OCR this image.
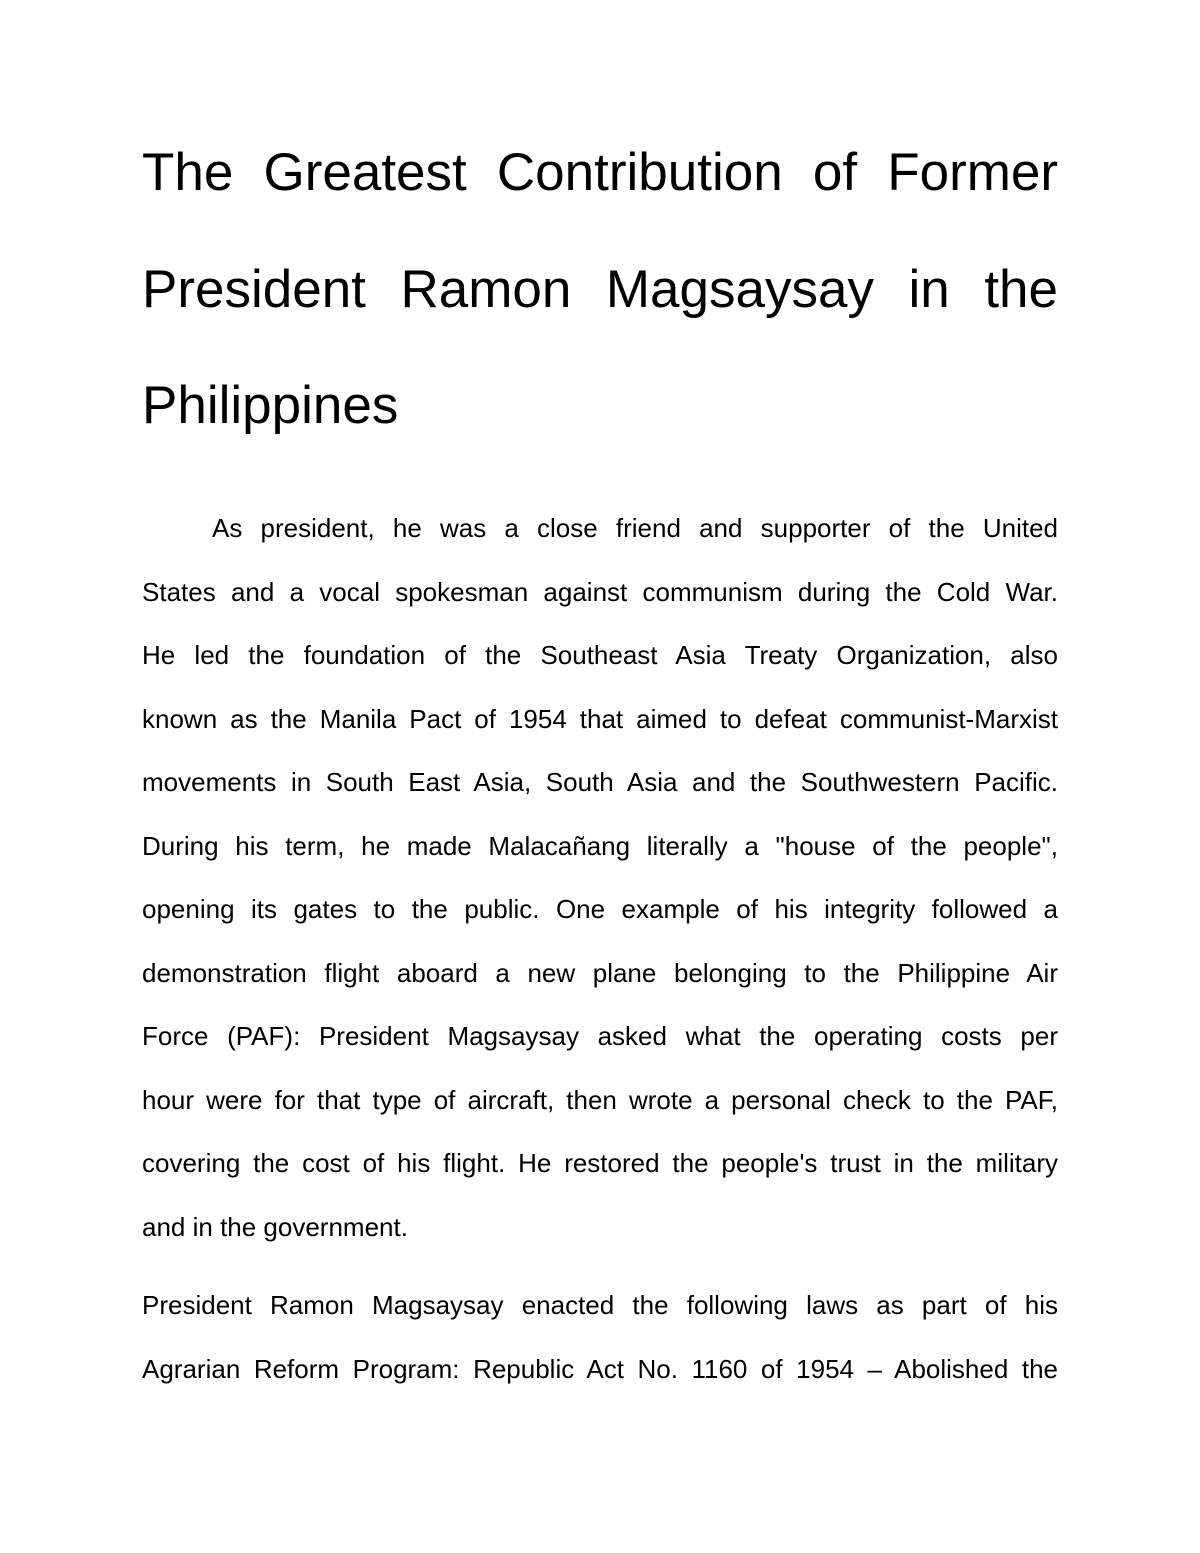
The Greatest Contribution of Former
President Ramon Magsaysay in the
Philippines
As president, he was a close friend and supporter of the United
States and a vocal spokesman against communism during the Cold War.
He led the foundation of the Southeast Asia Treaty Organization, also
known as the Manila Pact of 1954 that aimed to defeat communist-Marxist
movements in South East Asia, South Asia and the Southwestern Pacific.
During his term, he made Malacañang literally a "house of the people",
opening its gates to the public. One example of his integrity followed a
demonstration flight aboard a new plane belonging to the Philippine Air
Force (PAF): President Magsaysay asked what the operating costs per
hour were for that type of aircraft, then wrote a personal check to the PAF,
covering the cost of his flight. He restored the people's trust in the military
and in the government.
President Ramon Magsaysay enacted the following laws as part of his
Agrarian Reform Program: Republic Act No. 1160 of 1954 – Abolished the
